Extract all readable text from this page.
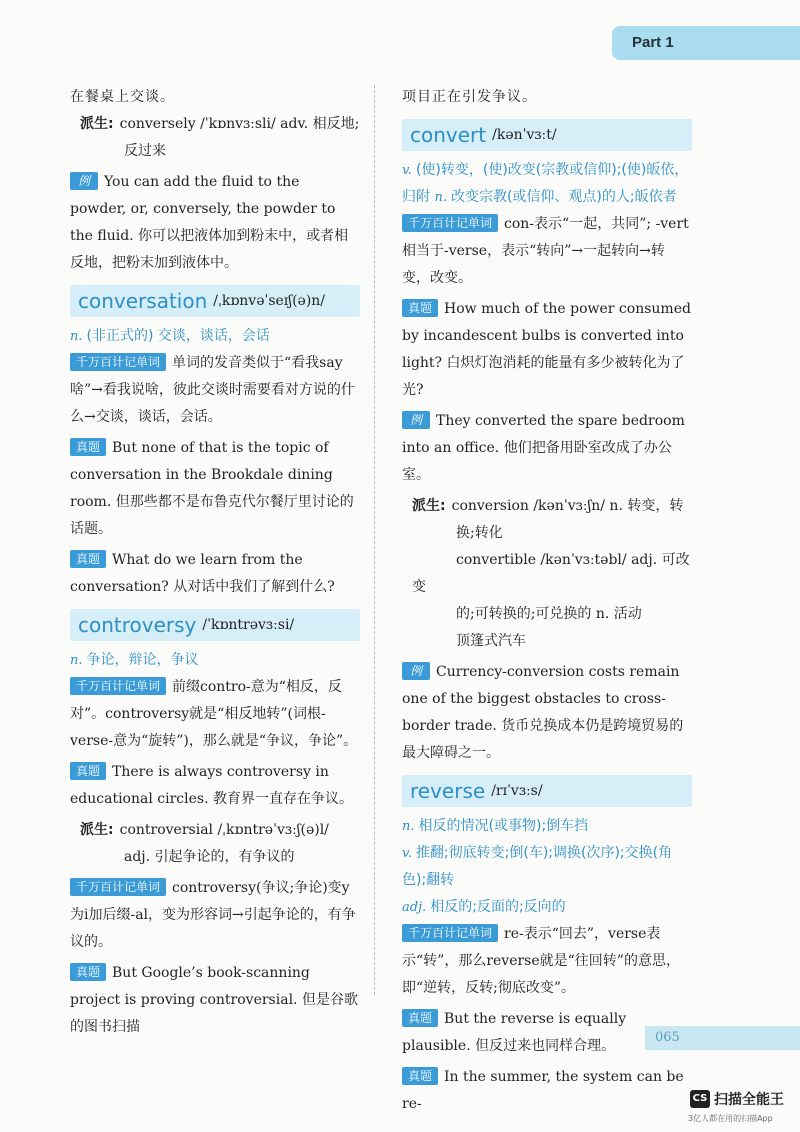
Part 1

在餐桌上交谈。

派生: conversely /ˈkɒnvɜːsli/ adv. 相反地;
反过来

例 You can add the fluid to the powder, or, conversely, the powder to the fluid. 你可以把液体加到粉末中，或者相反地，把粉末加到液体中。

conversation /ˌkɒnvəˈseɪʃ(ə)n/

n. (非正式的) 交谈，谈话，会话

千万百计记单词 单词的发音类似于“看我say啥”→看我说啥，彼此交谈时需要看对方说的什么→交谈，谈话，会话。

真题 But none of that is the topic of conversation in the Brookdale dining room. 但那些都不是布鲁克代尔餐厅里讨论的话题。

真题 What do we learn from the conversation? 从对话中我们了解到什么?

controversy /ˈkɒntrəvɜːsi/

n. 争论，辩论，争议

千万百计记单词 前缀contro-意为“相反，反对”。controversy就是“相反地转”(词根-verse-意为“旋转”)，那么就是“争议，争论”。

真题 There is always controversy in educational circles. 教育界一直存在争议。

派生: controversial /ˌkɒntrəˈvɜːʃ(ə)l/
adj. 引起争论的，有争议的

千万百计记单词 controversy(争议;争论)变y为i加后缀-al，变为形容词→引起争论的，有争议的。

真题 But Google’s book-scanning project is proving controversial. 但是谷歌的图书扫描

项目正在引发争议。

convert /kənˈvɜːt/

v. (使)转变，(使)改变(宗教或信仰);(使)皈依，归附 n. 改变宗教(或信仰、观点)的人;皈依者

千万百计记单词 con-表示“一起，共同”; -vert相当于-verse，表示“转向”→一起转向→转变，改变。

真题 How much of the power consumed by incandescent bulbs is converted into light? 白炽灯泡消耗的能量有多少被转化为了光?

例 They converted the spare bedroom into an office. 他们把备用卧室改成了办公室。

派生: conversion /kənˈvɜːʃn/ n. 转变，转
换;转化
convertible /kənˈvɜːtəbl/ adj. 可改变
的;可转换的;可兑换的 n. 活动
顶篷式汽车

例 Currency-conversion costs remain one of the biggest obstacles to cross-border trade. 货币兑换成本仍是跨境贸易的最大障碍之一。

reverse /rɪˈvɜːs/

n. 相反的情况(或事物);倒车挡

v. 推翻;彻底转变;倒(车);调换(次序);交换(角色);翻转

adj. 相反的;反面的;反向的

千万百计记单词 re-表示“回去”，verse表示“转”，那么reverse就是“往回转”的意思，即“逆转，反转;彻底改变”。

真题 But the reverse is equally plausible. 但反过来也同样合理。

真题 In the summer, the system can be re-

065
CS 扫描全能王
3亿人都在用的扫描App
